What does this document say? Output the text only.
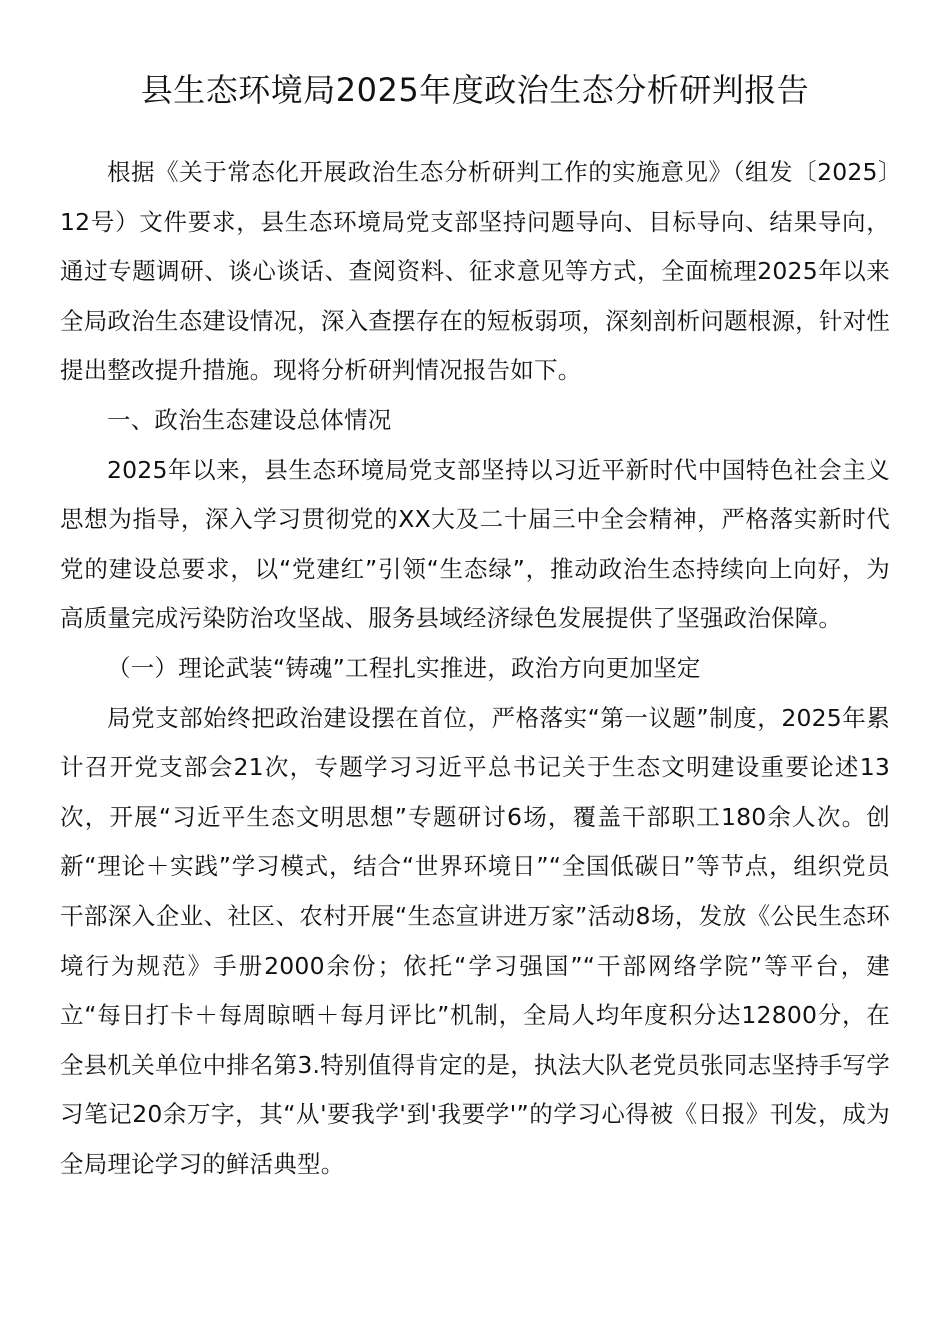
县生态环境局2025年度政治生态分析研判报告

根据《关于常态化开展政治生态分析研判工作的实施意见》（组发〔2025〕12号）文件要求，县生态环境局党支部坚持问题导向、目标导向、结果导向，通过专题调研、谈心谈话、查阅资料、征求意见等方式，全面梳理2025年以来全局政治生态建设情况，深入查摆存在的短板弱项，深刻剖析问题根源，针对性提出整改提升措施。现将分析研判情况报告如下。

一、政治生态建设总体情况

2025年以来，县生态环境局党支部坚持以习近平新时代中国特色社会主义思想为指导，深入学习贯彻党的XX大及二十届三中全会精神，严格落实新时代党的建设总要求，以“党建红”引领“生态绿”，推动政治生态持续向上向好，为高质量完成污染防治攻坚战、服务县域经济绿色发展提供了坚强政治保障。

（一）理论武装“铸魂”工程扎实推进，政治方向更加坚定

局党支部始终把政治建设摆在首位，严格落实“第一议题”制度，2025年累计召开党支部会21次，专题学习习近平总书记关于生态文明建设重要论述13次，开展“习近平生态文明思想”专题研讨6场，覆盖干部职工180余人次。创新“理论＋实践”学习模式，结合“世界环境日”“全国低碳日”等节点，组织党员干部深入企业、社区、农村开展“生态宣讲进万家”活动8场，发放《公民生态环境行为规范》手册2000余份；依托“学习强国”“干部网络学院”等平台，建立“每日打卡＋每周晾晒＋每月评比”机制，全局人均年度积分达12800分，在全县机关单位中排名第3.特别值得肯定的是，执法大队老党员张同志坚持手写学习笔记20余万字，其“从'要我学'到'我要学'”的学习心得被《日报》刊发，成为全局理论学习的鲜活典型。
